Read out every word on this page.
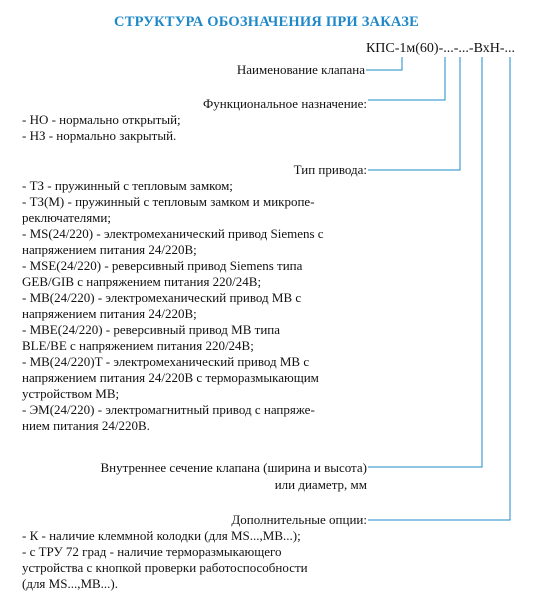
СТРУКТУРА ОБОЗНАЧЕНИЯ ПРИ ЗАКАЗЕ
КПС-1м(60)-...-...-ВхН-...
Наименование клапана
Функциональное назначение:
- НО - нормально открытый;
- НЗ - нормально закрытый.
Тип привода:
- ТЗ - пружинный с тепловым замком;
- ТЗ(М) - пружинный с тепловым замком и микропе-
реключателями;
- MS(24/220) - электромеханический привод Siemens с
напряжением питания 24/220В;
- MSE(24/220) - реверсивный привод Siemens типа
GEB/GIB с напряжением питания 220/24В;
- МВ(24/220) - электромеханический привод МВ с
напряжением питания 24/220В;
- МВЕ(24/220) - реверсивный привод МВ типа
BLE/BE с напряжением питания 220/24В;
- МВ(24/220)Т - электромеханический привод МВ с
напряжением питания 24/220В с терморазмыкающим
устройством МВ;
- ЭМ(24/220) - электромагнитный привод с напряже-
нием питания 24/220В.
Внутреннее сечение клапана (ширина и высота)
или диаметр, мм
Дополнительные опции:
- К - наличие клеммной колодки (для MS...,МВ...);
- с ТРУ 72 град - наличие терморазмыкающего
устройства с кнопкой проверки работоспособности
(для MS...,МВ...).
